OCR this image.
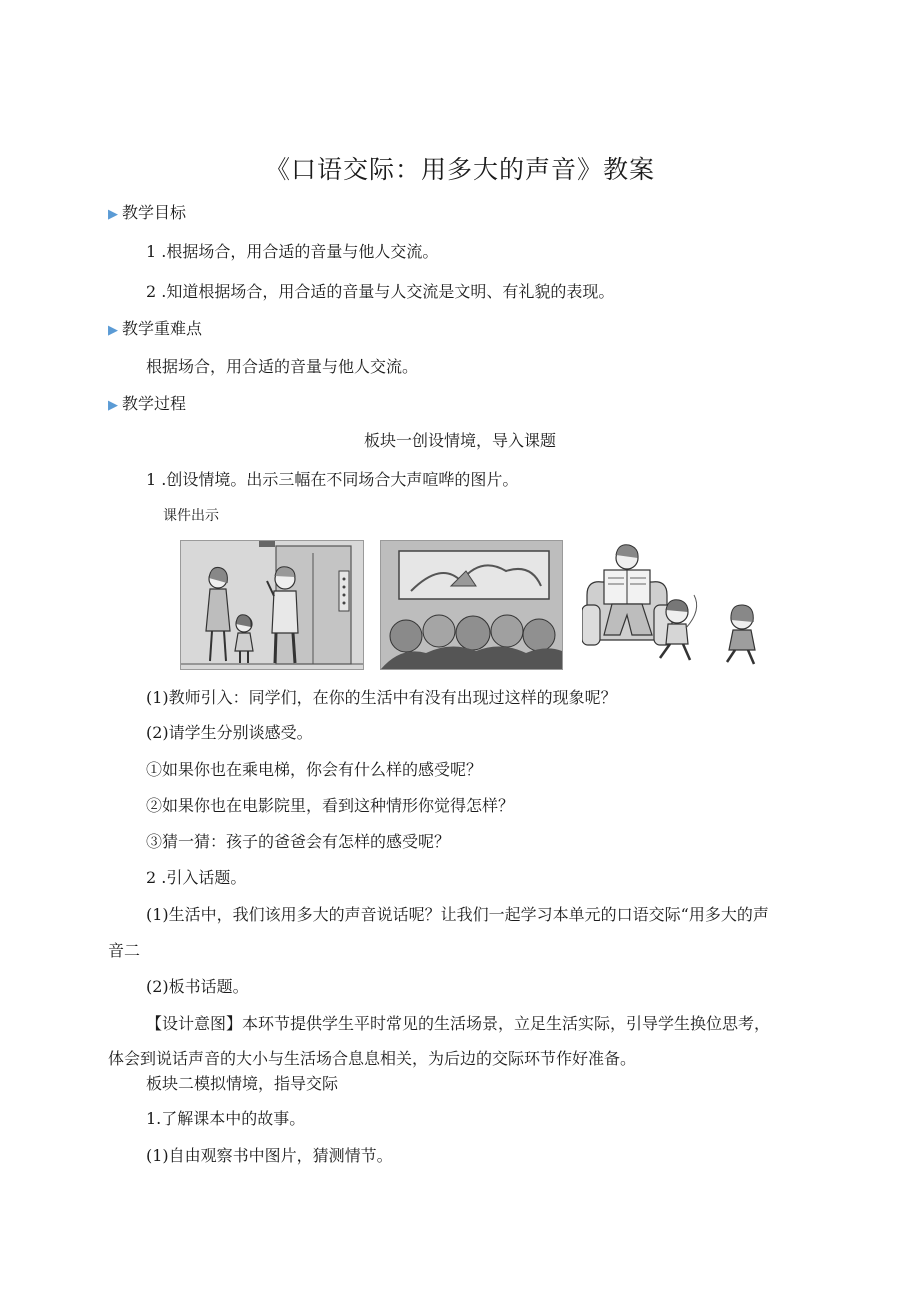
《口语交际：用多大的声音》教案
▶ 教学目标
1 .根据场合，用合适的音量与他人交流。
2 .知道根据场合，用合适的音量与人交流是文明、有礼貌的表现。
▶ 教学重难点
根据场合，用合适的音量与他人交流。
▶ 教学过程
板块一创设情境，导入课题
1 .创设情境。出示三幅在不同场合大声喧哗的图片。
课件出示
(1)教师引入：同学们，在你的生活中有没有出现过这样的现象呢？
(2)请学生分别谈感受。
①如果你也在乘电梯，你会有什么样的感受呢？
②如果你也在电影院里，看到这种情形你觉得怎样？
③猜一猜：孩子的爸爸会有怎样的感受呢？
2 .引入话题。
(1)生活中，我们该用多大的声音说话呢？让我们一起学习本单元的口语交际“用多大的声
音二
(2)板书话题。
【设计意图】本环节提供学生平时常见的生活场景，立足生活实际，引导学生换位思考，
体会到说话声音的大小与生活场合息息相关，为后边的交际环节作好准备。
板块二模拟情境，指导交际
1.了解课本中的故事。
(1)自由观察书中图片，猜测情节。
